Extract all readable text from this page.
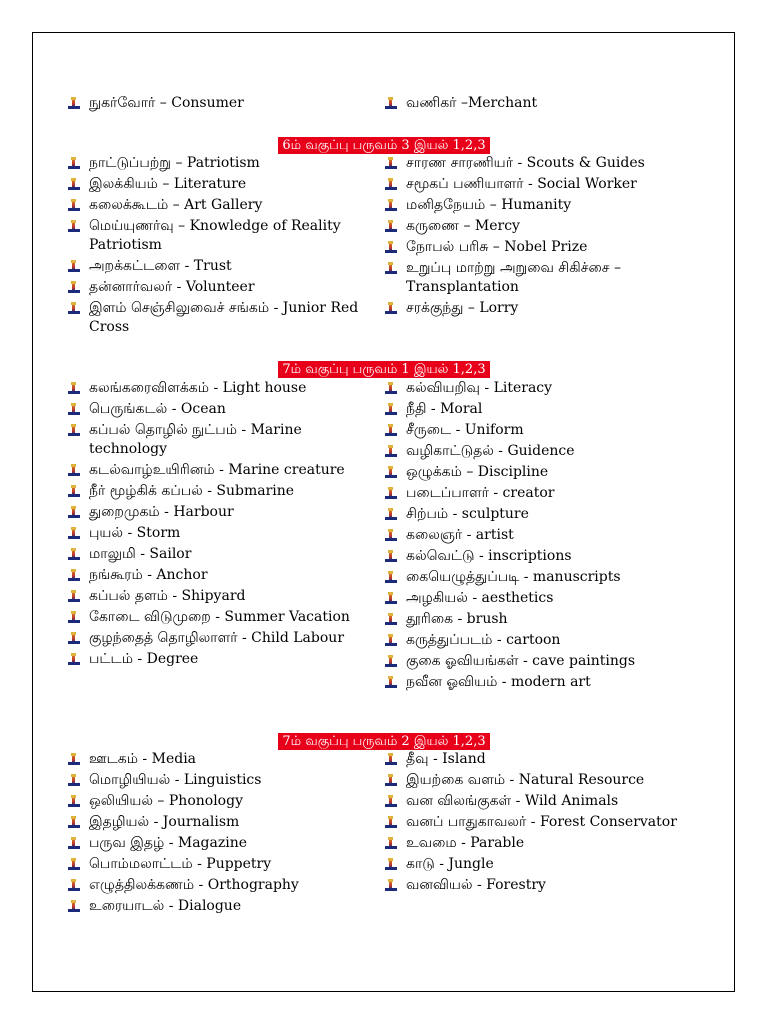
நுகர்வோர் – Consumer	வணிகர் –Merchant
6ம் வகுப்பு பருவம் 3 இயல் 1,2,3
7ம் வகுப்பு பருவம் 1 இயல் 1,2,3
7ம் வகுப்பு பருவம் 2 இயல் 1,2,3
நாட்டுப்பற்று – Patriotism
இலக்கியம் – Literature
கலைக்கூடம் – Art Gallery
மெய்யுணர்வு – Knowledge of Reality Patriotism
அறக்கட்டளை - Trust
தன்னார்வலர் - Volunteer
இளம் செஞ்சிலுவைச் சங்கம் - Junior Red Cross
சாரண சாரணியர் - Scouts & Guides
சமூகப் பணியாளர் - Social Worker
மனிதநேயம் – Humanity
கருணை – Mercy
நோபல் பரிசு – Nobel Prize
உறுப்பு மாற்று அறுவை சிகிச்சை – Transplantation
சரக்குந்து – Lorry
கலங்கரைவிளக்கம் - Light house
பெருங்கடல் - Ocean
கப்பல் தொழில் நுட்பம் - Marine technology
கடல்வாழ்உயிரினம் - Marine creature
நீர் மூழ்கிக் கப்பல் - Submarine
துறைமுகம் - Harbour
புயல் - Storm
மாலுமி - Sailor
நங்கூரம் - Anchor
கப்பல் தளம் - Shipyard
கோடை விடுமுறை - Summer Vacation
குழந்தைத் தொழிலாளர் - Child Labour
பட்டம் - Degree
கல்வியறிவு - Literacy
நீதி - Moral
சீருடை - Uniform
வழிகாட்டுதல் - Guidence
ஒழுக்கம் – Discipline
படைப்பாளர் - creator
சிற்பம் - sculpture
கலைஞர் - artist
கல்வெட்டு - inscriptions
கையெழுத்துப்படி - manuscripts
அழகியல் - aesthetics
தூரிகை - brush
கருத்துப்படம் - cartoon
குகை ஓவியங்கள் - cave paintings
நவீன ஓவியம் - modern art
ஊடகம் - Media
மொழியியல் - Linguistics
ஒலியியல் – Phonology
இதழியல் - Journalism
பருவ இதழ் - Magazine
பொம்மலாட்டம் - Puppetry
எழுத்திலக்கணம் - Orthography
உரையாடல் - Dialogue
தீவு - Island
இயற்கை வளம் - Natural Resource
வன விலங்குகள் - Wild Animals
வனப் பாதுகாவலர் - Forest Conservator
உவமை - Parable
காடு - Jungle
வனவியல் - Forestry
